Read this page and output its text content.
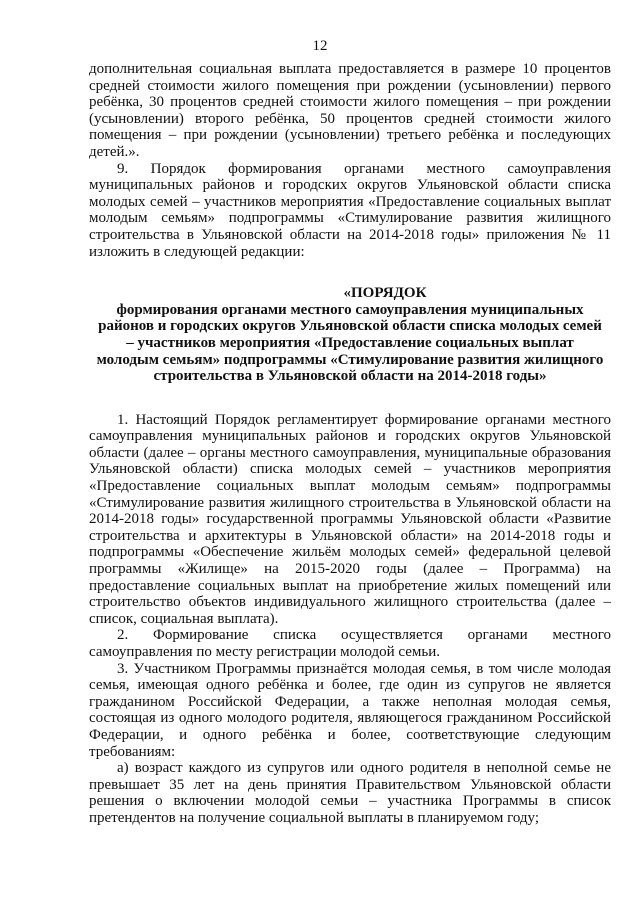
12

дополнительная социальная выплата предоставляется в размере 10 процентов средней стоимости жилого помещения при рождении (усыновлении) первого ребёнка, 30 процентов средней стоимости жилого помещения – при рождении (усыновлении) второго ребёнка, 50 процентов средней стоимости жилого помещения – при рождении (усыновлении) третьего ребёнка и последующих детей.».

9. Порядок формирования органами местного самоуправления муниципальных районов и городских округов Ульяновской области списка молодых семей – участников мероприятия «Предоставление социальных выплат молодым семьям» подпрограммы «Стимулирование развития жилищного строительства в Ульяновской области на 2014-2018 годы» приложения № 11 изложить в следующей редакции:

«ПОРЯДОК
формирования органами местного самоуправления муниципальных районов и городских округов Ульяновской области списка молодых семей – участников мероприятия «Предоставление социальных выплат молодым семьям» подпрограммы «Стимулирование развития жилищного строительства в Ульяновской области на 2014-2018 годы»

1. Настоящий Порядок регламентирует формирование органами местного самоуправления муниципальных районов и городских округов Ульяновской области (далее – органы местного самоуправления, муниципальные образования Ульяновской области) списка молодых семей – участников мероприятия «Предоставление социальных выплат молодым семьям» подпрограммы «Стимулирование развития жилищного строительства в Ульяновской области на 2014-2018 годы» государственной программы Ульяновской области «Развитие строительства и архитектуры в Ульяновской области» на 2014-2018 годы и подпрограммы «Обеспечение жильём молодых семей» федеральной целевой программы «Жилище» на 2015-2020 годы (далее – Программа) на предоставление социальных выплат на приобретение жилых помещений или строительство объектов индивидуального жилищного строительства (далее – список, социальная выплата).

2. Формирование списка осуществляется органами местного самоуправления по месту регистрации молодой семьи.

3. Участником Программы признаётся молодая семья, в том числе молодая семья, имеющая одного ребёнка и более, где один из супругов не является гражданином Российской Федерации, а также неполная молодая семья, состоящая из одного молодого родителя, являющегося гражданином Российской Федерации, и одного ребёнка и более, соответствующие следующим требованиям:

а) возраст каждого из супругов или одного родителя в неполной семье не превышает 35 лет на день принятия Правительством Ульяновской области решения о включении молодой семьи – участника Программы в список претендентов на получение социальной выплаты в планируемом году;
